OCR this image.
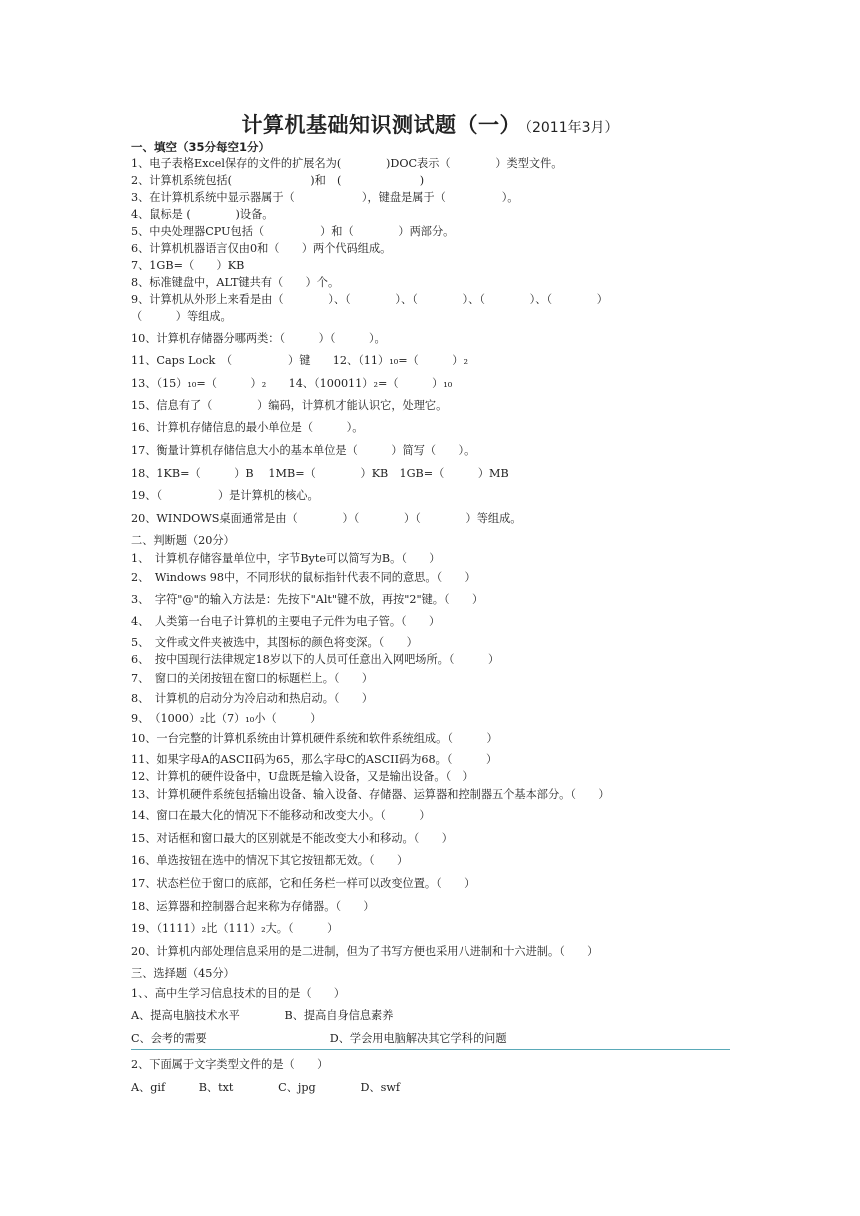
计算机基础知识测试题（一） （2011年3月）
一、填空（35分每空1分）
1、电子表格Excel保存的文件的扩展名为(　　　　)DOC表示（　　　　）类型文件。
2、计算机系统包括(　　　　　　　)和　(　　　　　　　)
3、在计算机系统中显示器属于（　　　　　　），键盘是属于（　　　　　）。
4、鼠标是 (　　　　)设备。
5、中央处理器CPU包括（　　　　　）和（　　　　）两部分。
6、计算机机器语言仅由0和（　　）两个代码组成。
7、1GB=（　　）KB
8、标准键盘中，ALT键共有（　　）个。
9、计算机从外形上来看是由（　　　　）、（　　　　）、（　　　　）、（　　　　）、（　　　　）
（　　　）等组成。
10、计算机存储器分哪两类：（　　　）（　　　）。
11、Caps Lock　（　　　　　）键　　12、（11）₁₀=（　　　）₂
13、（15）₁₀=（　　　）₂　　14、（100011）₂=（　　　）₁₀
15、信息有了（　　　　）编码，计算机才能认识它，处理它。
16、计算机存储信息的最小单位是（　　　）。
17、衡量计算机存储信息大小的基本单位是（　　　）简写（　　）。
18、1KB=（　　　）B　 1MB=（　　　　）KB　1GB=（　　　）MB
19、（　　　　　）是计算机的核心。
20、WINDOWS桌面通常是由（　　　　）（　　　　）（　　　　）等组成。
二、判断题（20分）
1、　计算机存储容量单位中，字节Byte可以简写为B。（　　）
2、　Windows 98中，不同形状的鼠标指针代表不同的意思。（　　）
3、　字符"@"的输入方法是：先按下"Alt"键不放，再按"2"键。（　　）
4、　人类第一台电子计算机的主要电子元件为电子管。（　　）
5、　文件或文件夹被选中，其图标的颜色将变深。（　　）
6、　按中国现行法律规定18岁以下的人员可任意出入网吧场所。（　　　）
7、　窗口的关闭按钮在窗口的标题栏上。（　　）
8、　计算机的启动分为冷启动和热启动。（　　）
9、　（1000）₂比（7）₁₀小（　　　）
10、一台完整的计算机系统由计算机硬件系统和软件系统组成。（　　　）
11、如果字母A的ASCII码为65，那么字母C的ASCII码为68。（　　　）
12、计算机的硬件设备中，U盘既是输入设备，又是输出设备。（　）
13、计算机硬件系统包括输出设备、输入设备、存储器、运算器和控制器五个基本部分。（　　）
14、窗口在最大化的情况下不能移动和改变大小。（　　　）
15、对话框和窗口最大的区别就是不能改变大小和移动。（　　）
16、单选按钮在选中的情况下其它按钮都无效。（　　）
17、状态栏位于窗口的底部，它和任务栏一样可以改变位置。（　　）
18、运算器和控制器合起来称为存储器。（　　）
19、（1111）₂比（111）₂大。（　　　）
20、计算机内部处理信息采用的是二进制，但为了书写方便也采用八进制和十六进制。（　　）
三、选择题（45分）
1、、高中生学习信息技术的目的是（　　）
A、提高电脑技术水平　　　　B、提高自身信息素养
C、会考的需要　　　　　　　　　　　D、学会用电脑解决其它学科的问题
2、下面属于文字类型文件的是（　　）
A、gif　　　B、txt　　　　C、jpg　　　　D、swf
